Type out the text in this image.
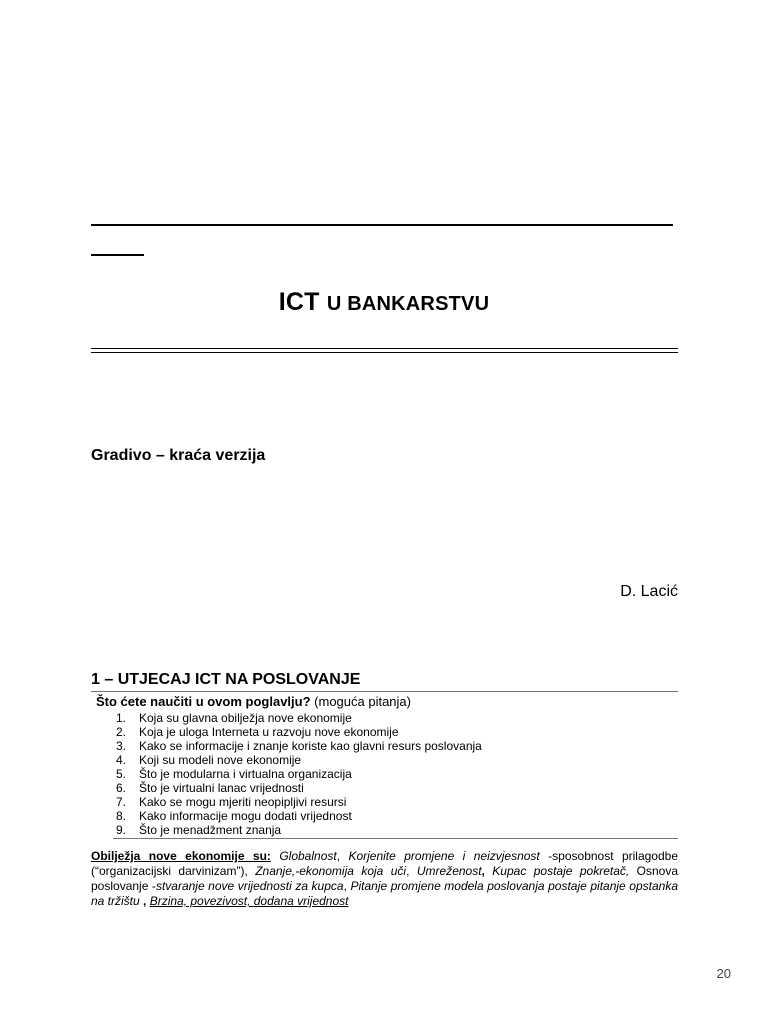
ICT U BANKARSTVU
Gradivo – kraća verzija
D. Lacić
1 – UTJECAJ ICT NA POSLOVANJE
Što ćete naučiti u ovom poglavlju? (moguća pitanja)
1. Koja su glavna obilježja nove ekonomije
2. Koja je uloga Interneta u razvoju nove ekonomije
3. Kako se informacije i znanje koriste kao glavni resurs poslovanja
4. Koji su modeli nove ekonomije
5. Što je modularna i virtualna organizacija
6. Što je virtualni lanac vrijednosti
7. Kako se mogu mjeriti neopipljivi resursi
8. Kako informacije mogu dodati vrijednost
9. Što je menadžment znanja

Obilježja nove ekonomije su: Globalnost, Korjenite promjene i neizvjesnost -sposobnost prilagodbe (“organizacijski darvinizam”), Znanje,-ekonomija koja uči, Umreženost, Kupac postaje pokretač, Osnova poslovanje -stvaranje nove vrijednosti za kupca, Pitanje promjene modela poslovanja postaje pitanje opstanka na tržištu , Brzina, povezivost, dodana vrijednost

20
